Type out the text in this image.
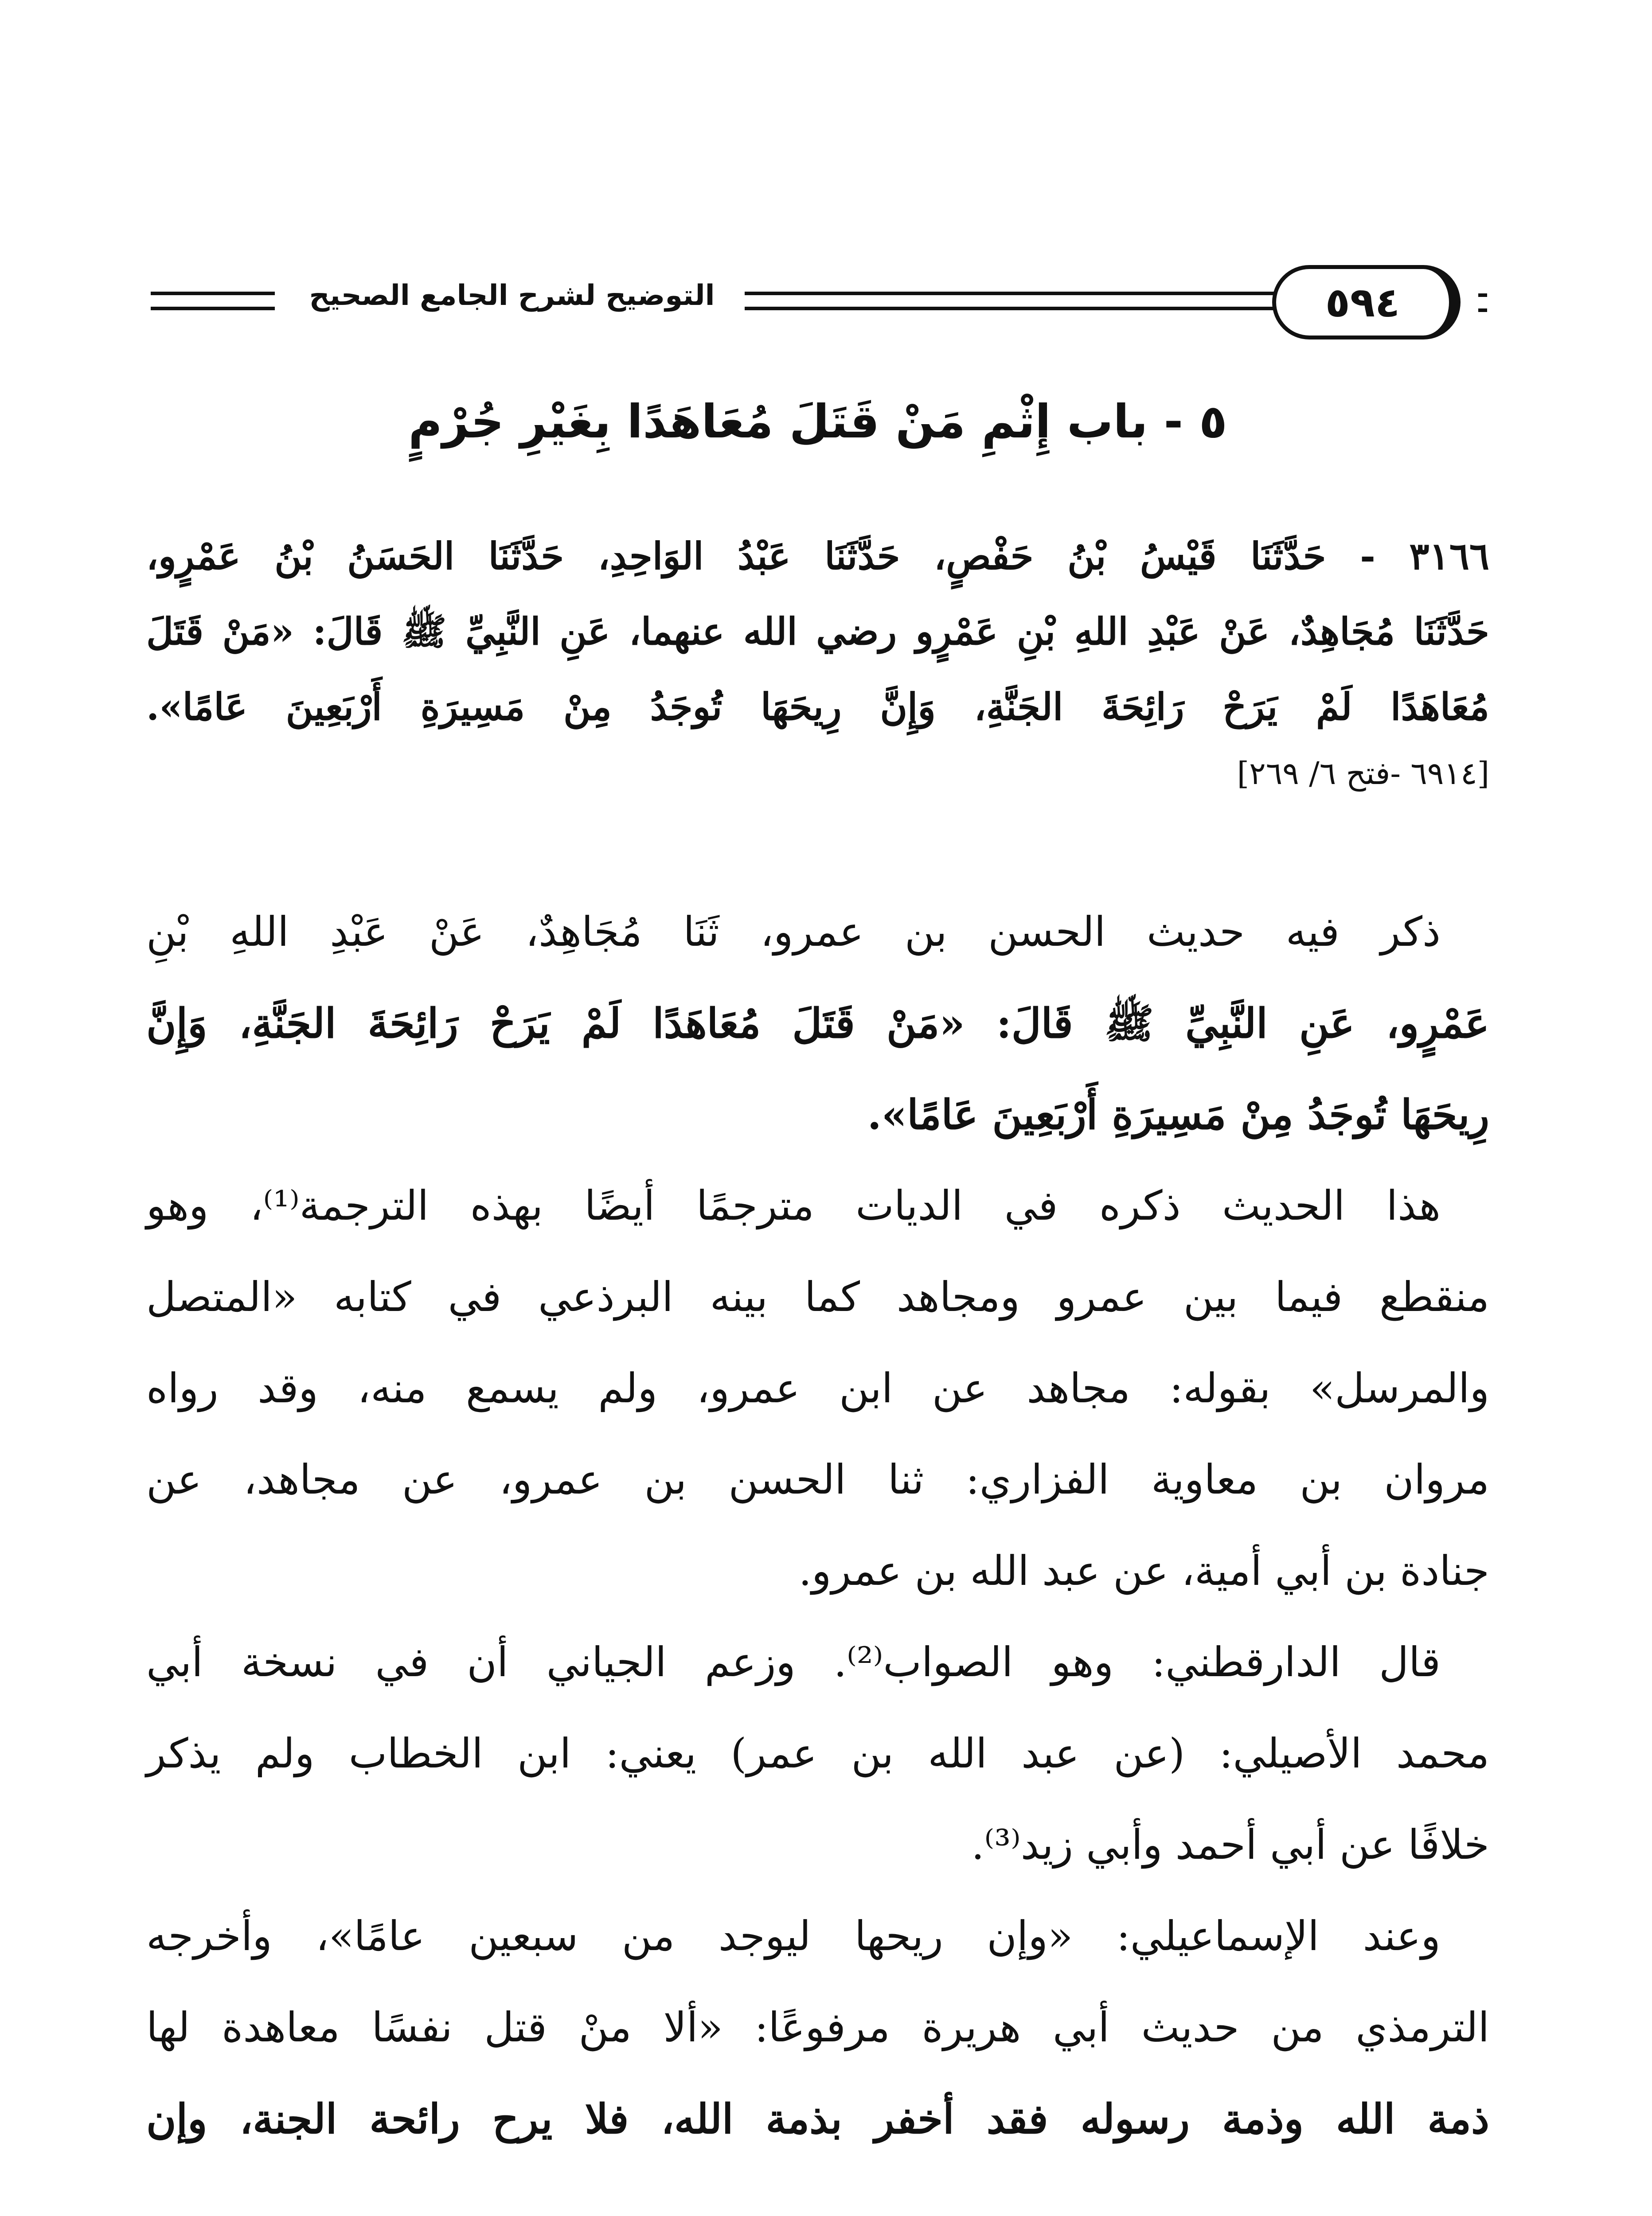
التوضيح لشرح الجامع الصحيح	٥٩٤
٥ - باب إِثْمِ مَنْ قَتَلَ مُعَاهَدًا بِغَيْرِ جُرْمٍ
٣١٦٦ - حَدَّثَنَا قَيْسُ بْنُ حَفْصٍ، حَدَّثَنَا عَبْدُ الوَاحِدِ، حَدَّثَنَا الحَسَنُ بْنُ عَمْرٍو،
حَدَّثَنَا مُجَاهِدٌ، عَنْ عَبْدِ اللهِ بْنِ عَمْرٍو رضي الله عنهما، عَنِ النَّبِيِّ ﷺ قَالَ: «مَنْ قَتَلَ
مُعَاهَدًا لَمْ يَرَحْ رَائِحَةَ الجَنَّةِ، وَإِنَّ رِيحَهَا تُوجَدُ مِنْ مَسِيرَةِ أَرْبَعِينَ عَامًا».
[٦٩١٤ -فتح ٦/ ٢٦٩]
ذكر فيه حديث الحسن بن عمرو، ثَنَا مُجَاهِدٌ، عَنْ عَبْدِ اللهِ بْنِ
عَمْرٍو، عَنِ النَّبِيِّ ﷺ قَالَ: «مَنْ قَتَلَ مُعَاهَدًا لَمْ يَرَحْ رَائِحَةَ الجَنَّةِ، وَإِنَّ
رِيحَهَا تُوجَدُ مِنْ مَسِيرَةِ أَرْبَعِينَ عَامًا».
هذا الحديث ذكره في الديات مترجمًا أيضًا بهذه الترجمة⁽¹⁾، وهو
منقطع فيما بين عمرو ومجاهد كما بينه البرذعي في كتابه «المتصل
والمرسل» بقوله: مجاهد عن ابن عمرو، ولم يسمع منه، وقد رواه
مروان بن معاوية الفزاري: ثنا الحسن بن عمرو، عن مجاهد، عن
جنادة بن أبي أمية، عن عبد الله بن عمرو.
قال الدارقطني: وهو الصواب⁽²⁾. وزعم الجياني أن في نسخة أبي
محمد الأصيلي: (عن عبد الله بن عمر) يعني: ابن الخطاب ولم يذكر
خلافًا عن أبي أحمد وأبي زيد⁽³⁾.
وعند الإسماعيلي: «وإن ريحها ليوجد من سبعين عامًا»، وأخرجه
الترمذي من حديث أبي هريرة مرفوعًا: «ألا منْ قتل نفسًا معاهدة لها
ذمة الله وذمة رسوله فقد أخفر بذمة الله، فلا يرح رائحة الجنة، وإن
